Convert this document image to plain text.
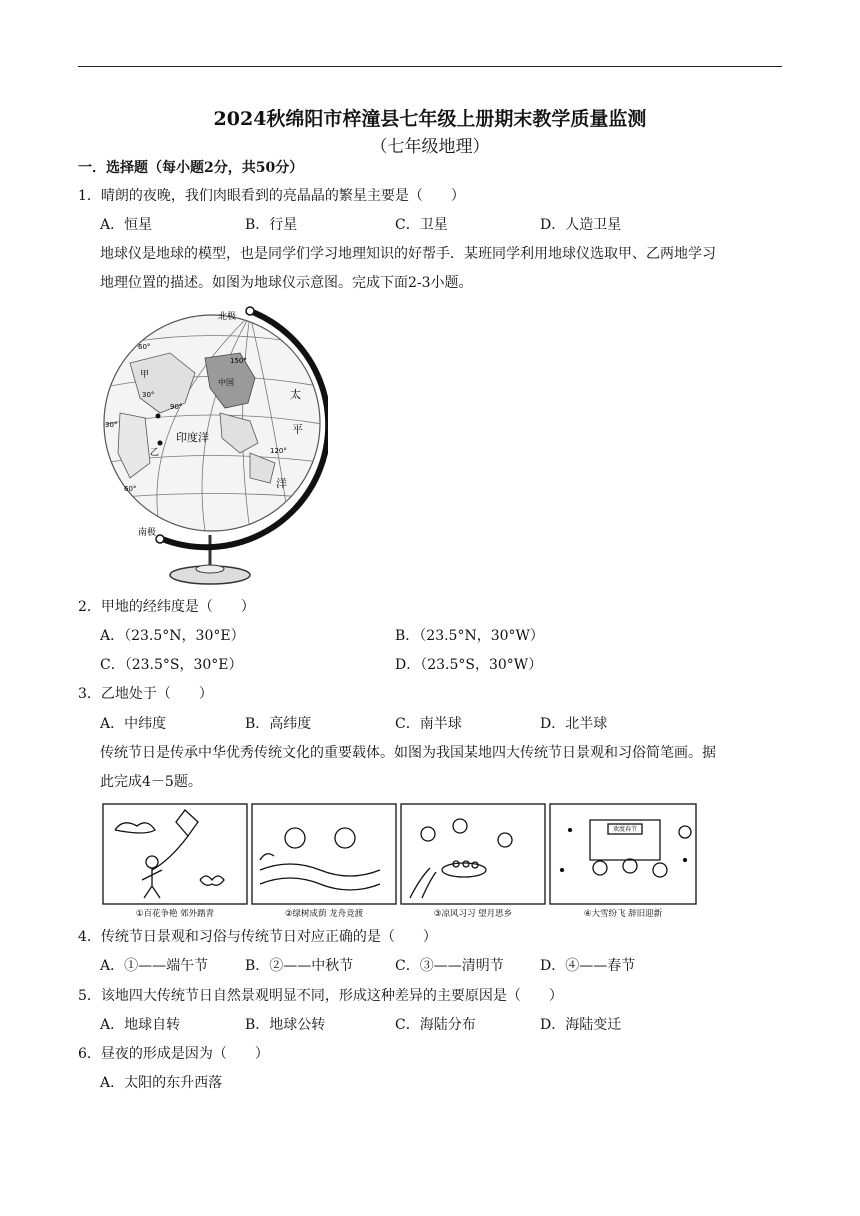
2024秋绵阳市梓潼县七年级上册期末教学质量监测
（七年级地理）
一．选择题（每小题2分，共50分）
1．晴朗的夜晚，我们肉眼看到的亮晶晶的繁星主要是（　　）
A．恒星	B．行星	C．卫星	D．人造卫星
地球仪是地球的模型，也是同学们学习地理知识的好帮手．某班同学利用地球仪选取甲、乙两地学习
地理位置的描述。如图为地球仪示意图。完成下面2-3小题。
北极
南极
中国
印度洋
太
平
洋
甲
乙
60°
30°
60°
30°
90°
120°
150°
2．甲地的经纬度是（　　）
A．（23.5°N，30°E）	B．（23.5°N，30°W）
C．（23.5°S，30°E）	D．（23.5°S，30°W）
3．乙地处于（　　）
A．中纬度	B．高纬度	C．南半球	D．北半球
传统节日是传承中华优秀传统文化的重要载体。如图为我国某地四大传统节日景观和习俗简笔画。据
此完成4－5题。
欢度春节
①百花争艳 郊外踏青	②绿树成荫 龙舟竞渡	③凉风习习 望月思乡	④大雪纷飞 辞旧迎新
4．传统节日景观和习俗与传统节日对应正确的是（　　）
A．①——端午节	B．②——中秋节	C．③——清明节	D．④——春节
5．该地四大传统节日自然景观明显不同，形成这种差异的主要原因是（　　）
A．地球自转	B．地球公转	C．海陆分布	D．海陆变迁
6．昼夜的形成是因为（　　）
A．太阳的东升西落
